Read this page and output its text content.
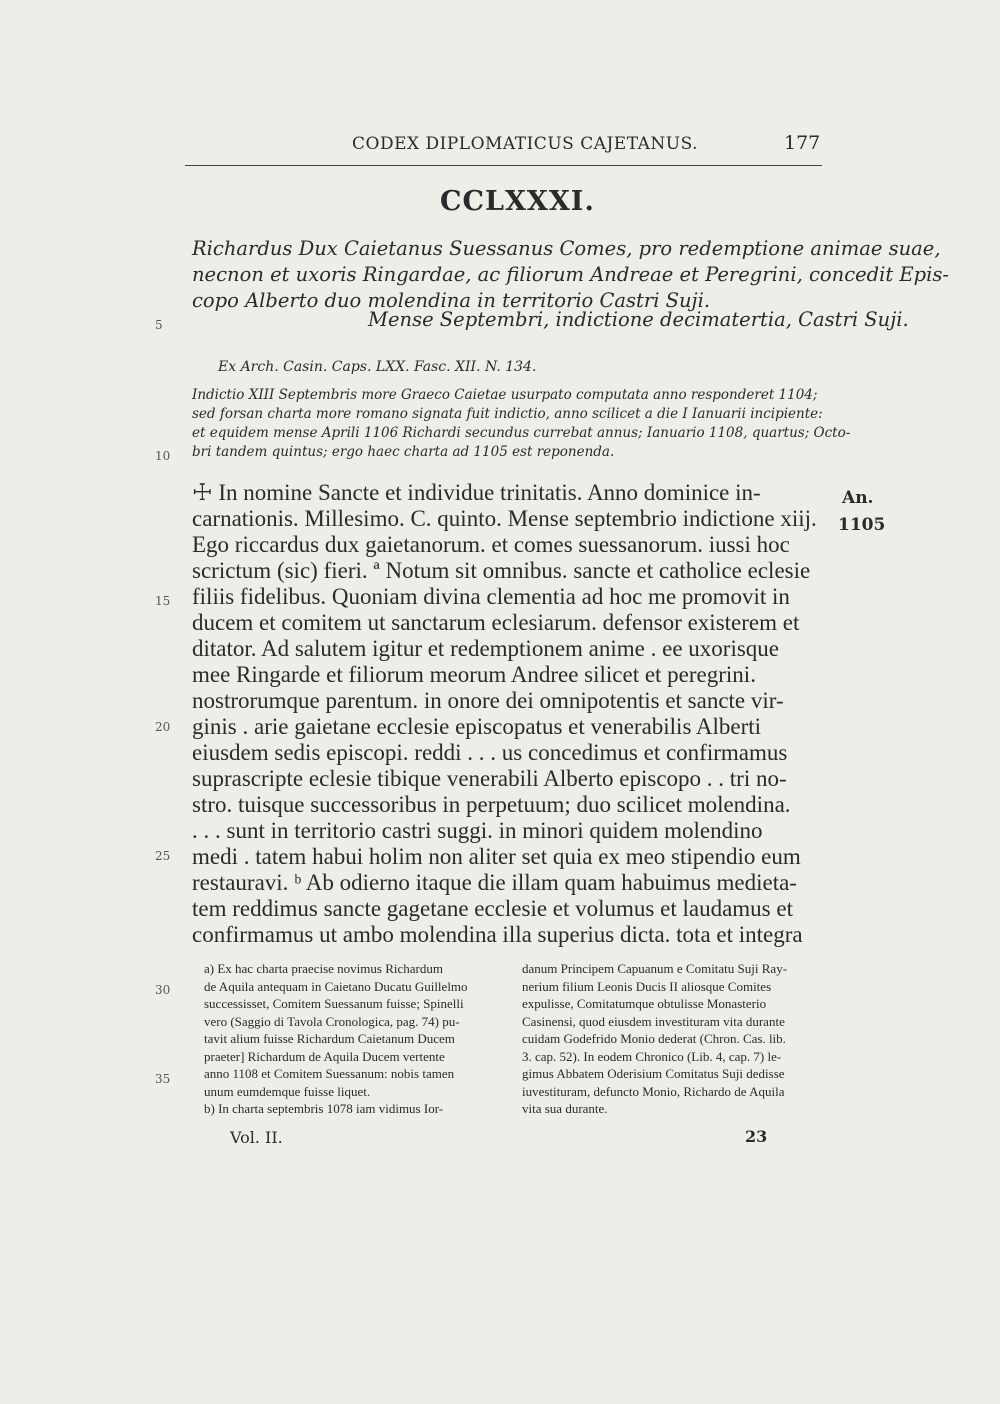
CODEX DIPLOMATICUS CAJETANUS.	177
CCLXXXI.
Richardus Dux Caietanus Suessanus Comes, pro redemptione animae suae,
necnon et uxoris Ringardae, ac filiorum Andreae et Peregrini, concedit Epis-
copo Alberto duo molendina in territorio Castri Suji.
Mense Septembri, indictione decimatertia, Castri Suji.
Ex Arch. Casin. Caps. LXX. Fasc. XII. N. 134.
Indictio XIII Septembris more Graeco Caietae usurpato computata anno responderet 1104;
sed forsan charta more romano signata fuit indictio, anno scilicet a die I Ianuarii incipiente:
et equidem mense Aprili 1106 Richardi secundus currebat annus; Ianuario 1108, quartus; Octo-
bri tandem quintus; ergo haec charta ad 1105 est reponenda.
5
10
15
20
25
30
35
☩ In nomine Sancte et individue trinitatis. Anno dominice in-
carnationis. Millesimo. C. quinto. Mense septembrio indictione xiij.
Ego riccardus dux gaietanorum. et comes suessanorum. iussi hoc
scrictum (sic) fieri. ª Notum sit omnibus. sancte et catholice eclesie
filiis fidelibus. Quoniam divina clementia ad hoc me promovit in
ducem et comitem ut sanctarum eclesiarum. defensor existerem et
ditator. Ad salutem igitur et redemptionem anime . ee uxorisque
mee Ringarde et filiorum meorum Andree silicet et peregrini.
nostrorumque parentum. in onore dei omnipotentis et sancte vir-
ginis . arie gaietane ecclesie episcopatus et venerabilis Alberti
eiusdem sedis episcopi. reddi . . . us concedimus et confirmamus
suprascripte eclesie tibique venerabili Alberto episcopo . . tri no-
stro. tuisque successoribus in perpetuum; duo scilicet molendina.
. . . sunt in territorio castri suggi. in minori quidem molendino
medi . tatem habui holim non aliter set quia ex meo stipendio eum
restauravi. ᵇ Ab odierno itaque die illam quam habuimus medieta-
tem reddimus sancte gagetane ecclesie et volumus et laudamus et
confirmamus ut ambo molendina illa superius dicta. tota et integra
An.
1105
a) Ex hac charta praecise novimus Richardum
de Aquila antequam in Caietano Ducatu Guillelmo
successisset, Comitem Suessanum fuisse; Spinelli
vero (Saggio di Tavola Cronologica, pag. 74) pu-
tavit alium fuisse Richardum Caietanum Ducem
praeter] Richardum de Aquila Ducem vertente
anno 1108 et Comitem Suessanum: nobis tamen
unum eumdemque fuisse liquet.
b) In charta septembris 1078 iam vidimus Ior-
danum Principem Capuanum e Comitatu Suji Ray-
nerium filium Leonis Ducis II aliosque Comites
expulisse, Comitatumque obtulisse Monasterio
Casinensi, quod eiusdem investituram vita durante
cuidam Godefrido Monio dederat (Chron. Cas. lib.
3. cap. 52). In eodem Chronico (Lib. 4, cap. 7) le-
gimus Abbatem Oderisium Comitatus Suji dedisse
iuvestituram, defuncto Monio, Richardo de Aquila
vita sua durante.
Vol. II.	23
